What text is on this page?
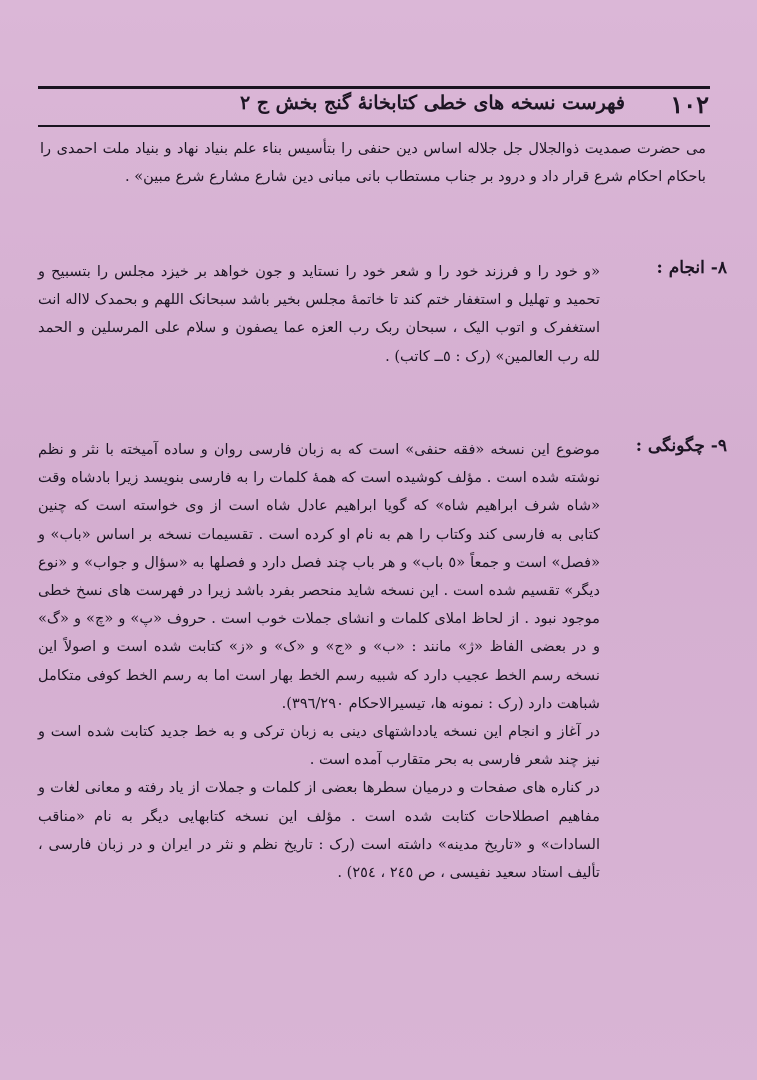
۱۰۲
فهرست نسخه های خطی کتابخانهٔ گنج بخش ج ۲

می حضرت صمدیت ذوالجلال جل جلاله اساس دین حنفی را بتأسیس بناء علم بنیاد نهاد و بنیاد ملت احمدی را باحکام احکام شرع قرار داد و درود بر جناب مستطاب بانی مبانی دین شارع مشارع شرع مبین» .

۸- انجام :

«و خود را و فرزند خود را و شعر خود را نستاید و جون خواهد بر خیزد مجلس را بتسبیح و تحمید و تهلیل و استغفار ختم کند تا خاتمهٔ مجلس بخیر باشد سبحانک اللهم و بحمدک لااله انت استغفرک و اتوب الیک ، سبحان ربک رب العزه عما یصفون و سلام علی المرسلین و الحمد لله رب العالمین» (رک : ٥ــ کاتب) .

۹- چگونگی :

موضوع این نسخه «فقه حنفی» است که به زبان فارسی روان و ساده آمیخته با نثر و نظم نوشته شده است . مؤلف کوشیده است که همهٔ کلمات را به فارسی بنویسد زیرا بادشاه وقت «شاه شرف ابراهیم شاه» که گویا ابراهیم عادل شاه است از وی خواسته است که چنین کتابی به فارسی کند وکتاب را هم به نام او کرده است . تقسیمات نسخه بر اساس «باب» و «فصل» است و جمعاً «٥ باب» و هر باب چند فصل دارد و فصلها به «سؤال و جواب» و «نوع دیگر» تقسیم شده است . این نسخه شاید منحصر بفرد باشد زیرا در فهرست های نسخ خطی موجود نبود . از لحاظ املای کلمات و انشای جملات خوب است . حروف «پ» و «چ» و «گ» و در بعضی الفاظ «ژ» مانند : «ب» و «ج» و «ک» و «ز» کتابت شده است و اصولاً این نسخه رسم الخط عجیب دارد که شبیه رسم الخط بهار است اما به رسم الخط کوفی متکامل شباهت دارد (رک : نمونه ها، تیسیرالاحکام ۳۹٦/۲۹۰).

در آغاز و انجام این نسخه یادداشتهای دینی به زبان ترکی و به خط جدید کتابت شده است و نیز چند شعر فارسی به بحر متقارب آمده است .

در کناره های صفحات و درمیان سطرها بعضی از کلمات و جملات از یاد رفته و معانی لغات و مفاهیم اصطلاحات کتابت شده است . مؤلف این نسخه کتابهایی دیگر به نام «مناقب السادات» و «تاریخ مدینه» داشته است (رک : تاریخ نظم و نثر در ایران و در زبان فارسی ، تألیف استاد سعید نفیسی ، ص ۲٤٥ ، ۲٥٤) .
